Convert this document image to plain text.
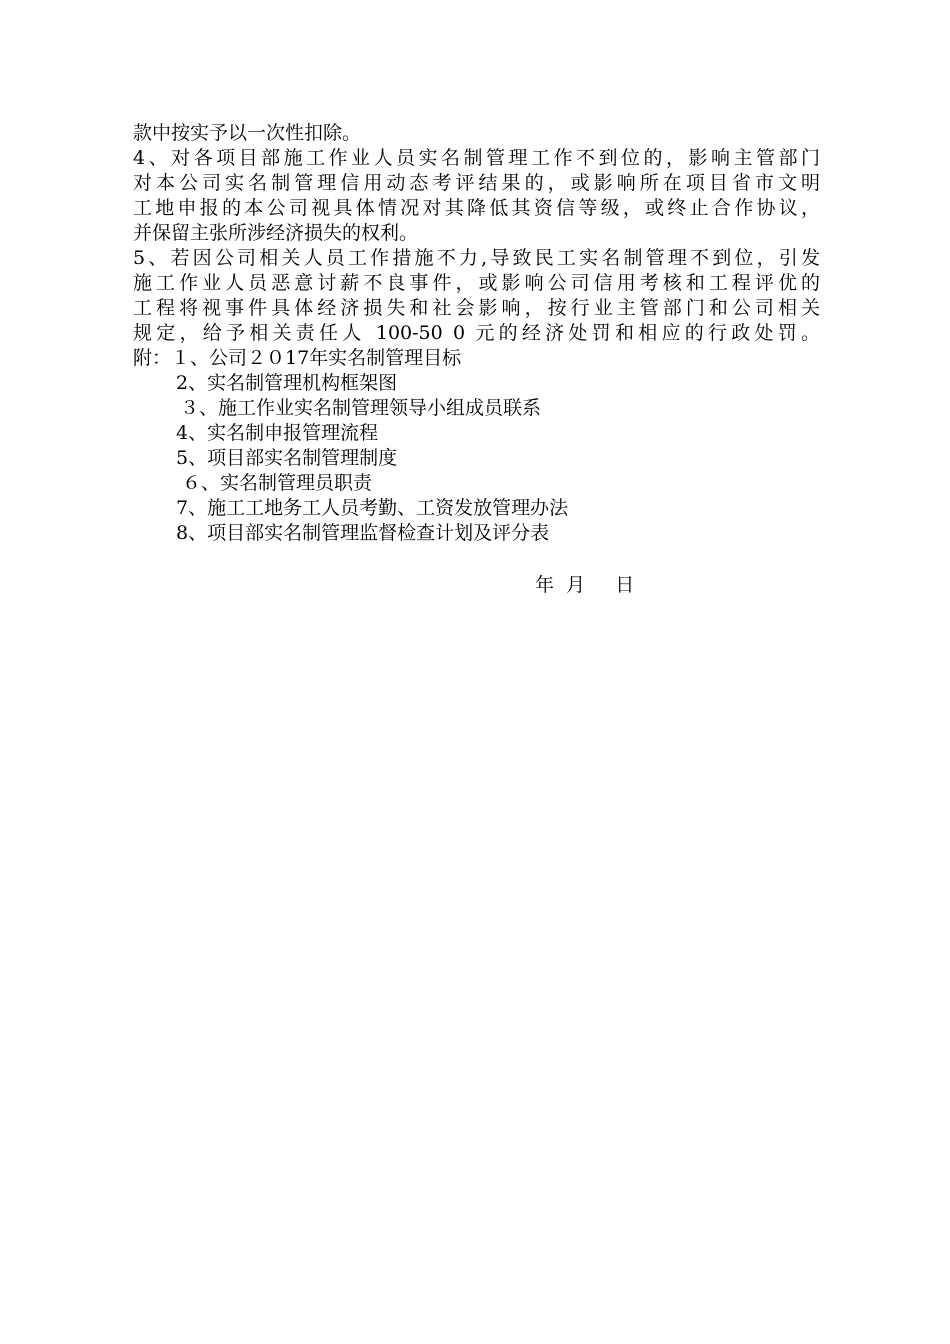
款中按实予以一次性扣除。
4、对各项目部施工作业人员实名制管理工作不到位的，影响主管部门
对本公司实名制管理信用动态考评结果的，或影响所在项目省市文明
工地申报的本公司视具体情况对其降低其资信等级，或终止合作协议，
并保留主张所涉经济损失的权利。
5、若因公司相关人员工作措施不力,导致民工实名制管理不到位，引发
施工作业人员恶意讨薪不良事件，或影响公司信用考核和工程评优的
工程将视事件具体经济损失和社会影响，按行业主管部门和公司相关
规定，给予相关责任人 100-50 0 元的经济处罚和相应的行政处罚。
附：１、公司２０17年实名制管理目标
2、实名制管理机构框架图
３、施工作业实名制管理领导小组成员联系
4、实名制申报管理流程
5、项目部实名制管理制度
６、实名制管理员职责
7、施工工地务工人员考勤、工资发放管理办法
8、项目部实名制管理监督检查计划及评分表
年  月     日
